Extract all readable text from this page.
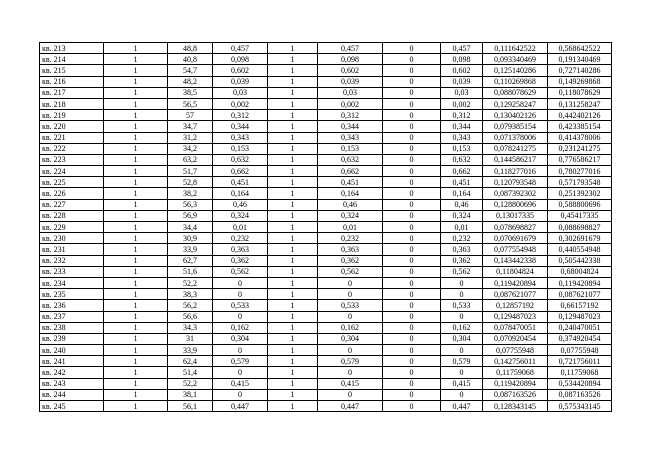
кв. 213	1	48,8	0,457	1	0,457	0	0,457	0,111642522	0,568642522
кв. 214	1	40,8	0,098	1	0,098	0	0,098	0,093340469	0,191340469
кв. 215	1	54,7	0,602	1	0,602	0	0,602	0,125140286	0,727140286
кв. 216	1	48,2	0,039	1	0,039	0	0,039	0,110269868	0,149269868
кв. 217	1	38,5	0,03	1	0,03	0	0,03	0,088078629	0,118078629
кв. 218	1	56,5	0,002	1	0,002	0	0,002	0,129258247	0,131258247
кв. 219	1	57	0,312	1	0,312	0	0,312	0,130402126	0,442402126
кв. 220	1	34,7	0,344	1	0,344	0	0,344	0,079385154	0,423385154
кв. 221	1	31,2	0,343	1	0,343	0	0,343	0,071378006	0,414378006
кв. 222	1	34,2	0,153	1	0,153	0	0,153	0,078241275	0,231241275
кв. 223	1	63,2	0,632	1	0,632	0	0,632	0,144586217	0,776586217
кв. 224	1	51,7	0,662	1	0,662	0	0,662	0,118277016	0,780277016
кв. 225	1	52,8	0,451	1	0,451	0	0,451	0,120793548	0,571793548
кв. 226	1	38,2	0,164	1	0,164	0	0,164	0,087392302	0,251392302
кв. 227	1	56,3	0,46	1	0,46	0	0,46	0,128800696	0,588800696
кв. 228	1	56,9	0,324	1	0,324	0	0,324	0,13017335	0,45417335
кв. 229	1	34,4	0,01	1	0,01	0	0,01	0,078698827	0,088698827
кв. 230	1	30,9	0,232	1	0,232	0	0,232	0,070691679	0,302691679
кв. 231	1	33,9	0,363	1	0,363	0	0,363	0,077554948	0,440554948
кв. 232	1	62,7	0,362	1	0,362	0	0,362	0,143442338	0,505442338
кв. 233	1	51,6	0,562	1	0,562	0	0,562	0,11804824	0,68004824
кв. 234	1	52,2	0	1	0	0	0	0,119420894	0,119420894
кв. 235	1	38,3	0	1	0	0	0	0,087621077	0,087621077
кв. 236	1	56,2	0,533	1	0,533	0	0,533	0,12857192	0,66157192
кв. 237	1	56,6	0	1	0	0	0	0,129487023	0,129487023
кв. 238	1	34,3	0,162	1	0,162	0	0,162	0,078470051	0,240470051
кв. 239	1	31	0,304	1	0,304	0	0,304	0,070920454	0,374920454
кв. 240	1	33,9	0	1	0	0	0	0,07755948	0,07755948
кв. 241	1	62,4	0,579	1	0,579	0	0,579	0,142756011	0,721756011
кв. 242	1	51,4	0	1	0	0	0	0,11759068	0,11759068
кв. 243	1	52,2	0,415	1	0,415	0	0,415	0,119420894	0,534420894
кв. 244	1	38,1	0	1	0	0	0	0,087163526	0,087163526
кв. 245	1	56,1	0,447	1	0,447	0	0,447	0,128343145	0,575343145
